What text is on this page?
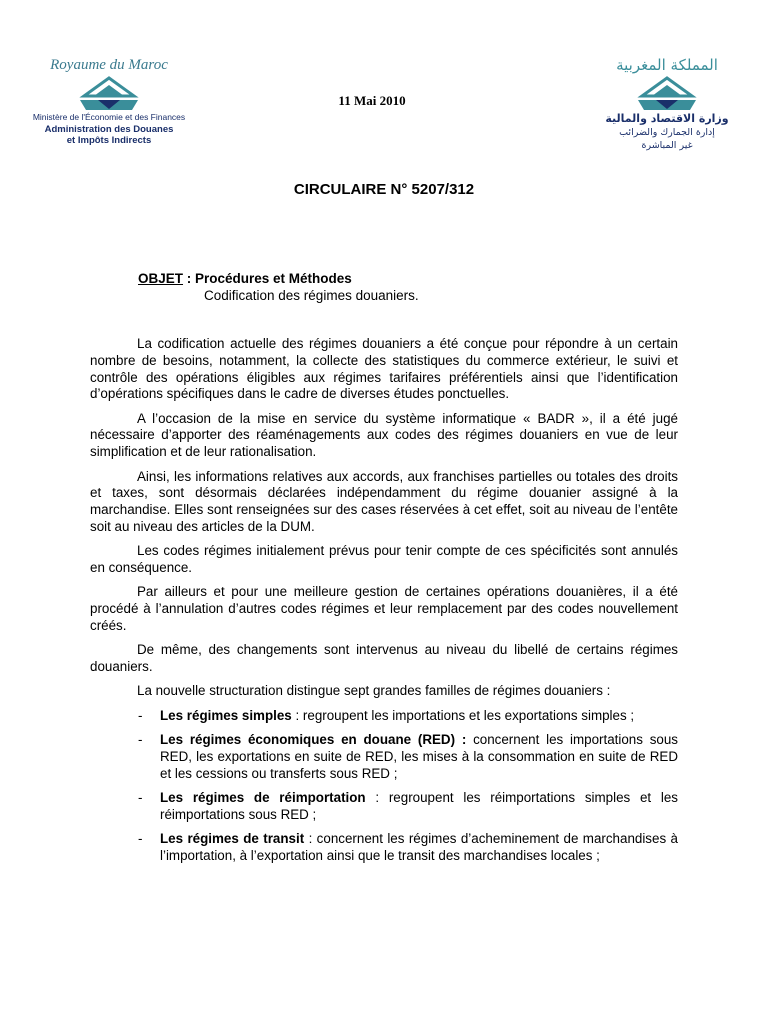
Royaume du Maroc

Ministère de l'Économie et des Finances

Administration des Douanes

et Impôts Indirects

11 Mai 2010

المملكة المغربية

وزارة الاقتصاد والمالية

إدارة الجمارك والضرائب

غير المباشرة

CIRCULAIRE N° 5207/312
OBJET : Procédures et Méthodes
Codification des régimes douaniers.

La codification actuelle des régimes douaniers a été conçue pour répondre à un certain nombre de besoins, notamment, la collecte des statistiques du commerce extérieur, le suivi et contrôle des opérations éligibles aux régimes tarifaires préférentiels ainsi que l’identification d’opérations spécifiques dans le cadre de diverses études ponctuelles.

A l’occasion de la mise en service du système informatique « BADR », il a été jugé nécessaire d’apporter des réaménagements aux codes des régimes douaniers en vue de leur simplification et de leur rationalisation.

Ainsi, les informations relatives aux accords, aux franchises partielles ou totales des droits et taxes, sont désormais déclarées indépendamment du régime douanier assigné à la marchandise. Elles sont renseignées sur des cases réservées à cet effet, soit au niveau de l’entête soit au niveau des articles de la DUM.

Les codes régimes initialement prévus pour tenir compte de ces spécificités sont annulés en conséquence.

Par ailleurs et pour une meilleure gestion de certaines opérations douanières, il a été procédé à l’annulation d’autres codes régimes et leur remplacement par des codes nouvellement créés.

De même, des changements sont intervenus au niveau du libellé de certains régimes douaniers.

La nouvelle structuration distingue sept grandes familles de régimes douaniers :

- Les régimes simples : regroupent les importations et les exportations simples ;
- Les régimes économiques en douane (RED) : concernent les importations sous RED, les exportations en suite de RED, les mises à la consommation en suite de RED et les cessions ou transferts sous RED ;
- Les régimes de réimportation : regroupent les réimportations simples et les réimportations sous RED ;
- Les régimes de transit : concernent les régimes d’acheminement de marchandises à l’importation, à l’exportation ainsi que le transit des marchandises locales ;
